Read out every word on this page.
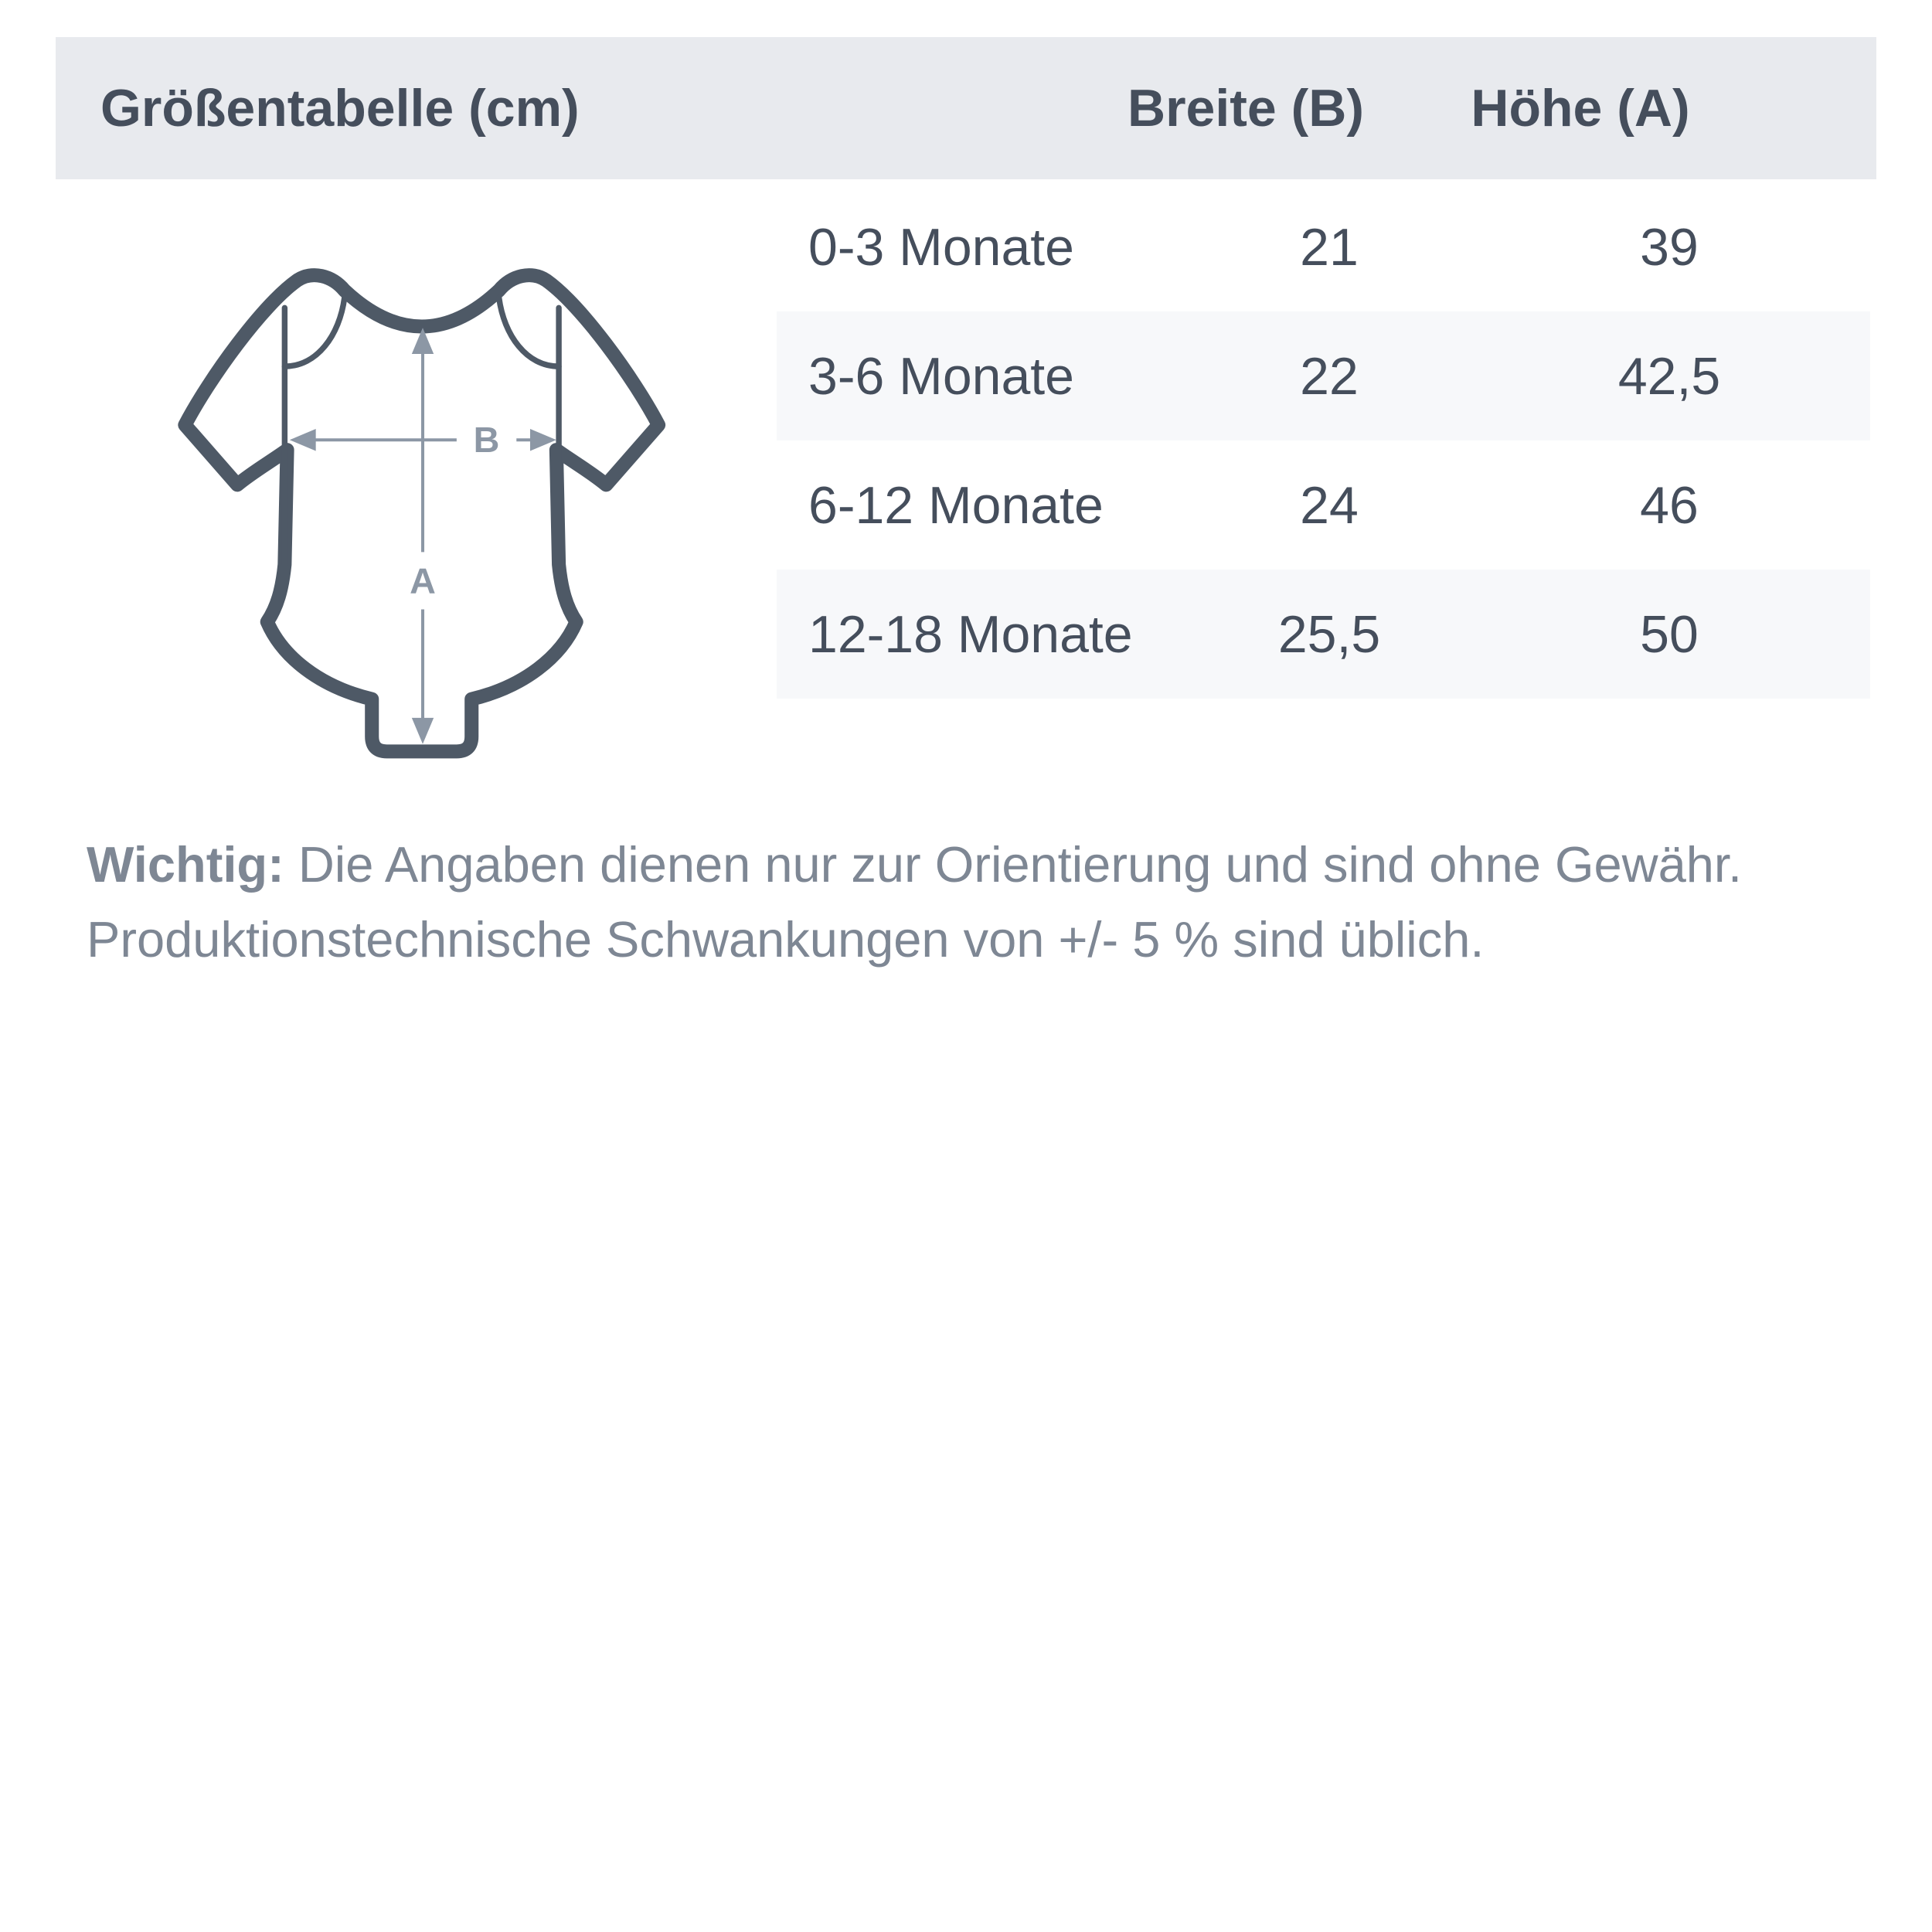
Größentabelle (cm)	Breite (B) Höhe (A)
B
A
0-3 Monate	21	39
3-6 Monate	22	42,5
6-12 Monate	24	46
12-18 Monate	25,5	50

Wichtig: Die Angaben dienen nur zur Orientierung und sind ohne Gewähr.
Produktionstechnische Schwankungen von +/- 5 % sind üblich.
